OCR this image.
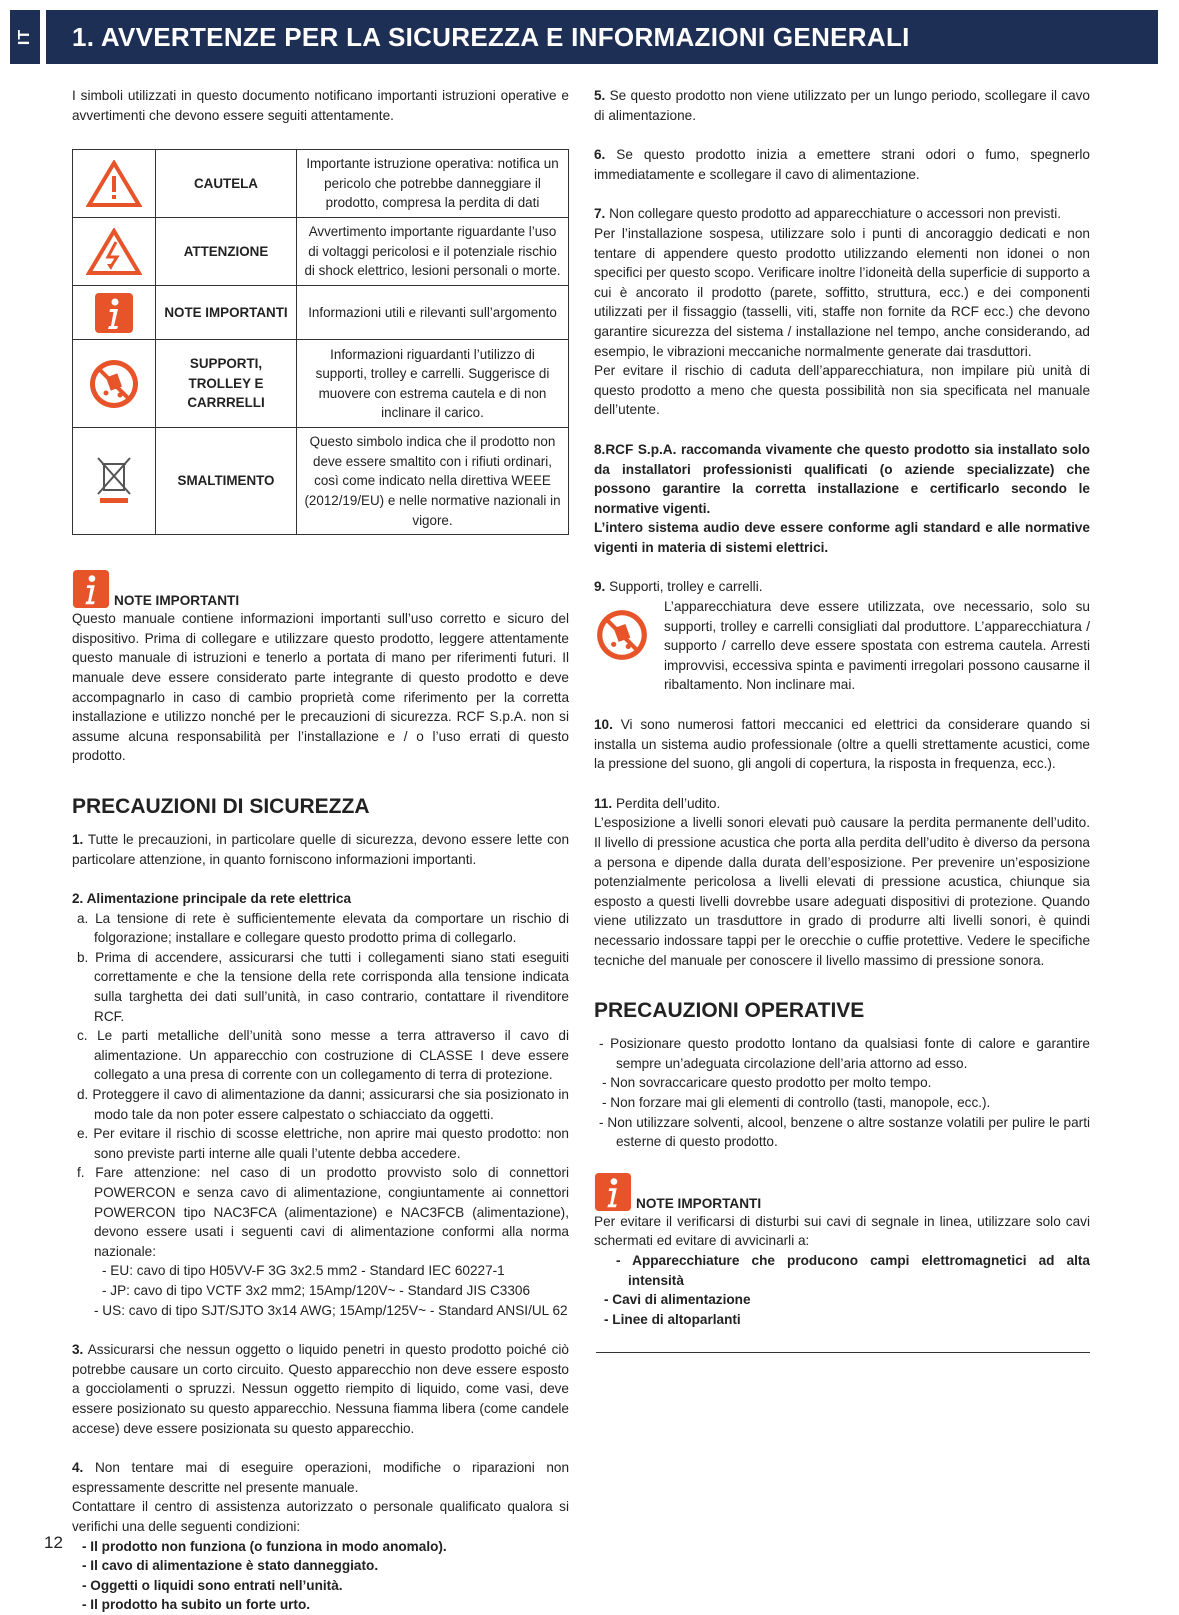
IT 1. AVVERTENZE PER LA SICUREZZA E INFORMAZIONI GENERALI

I simboli utilizzati in questo documento notificano importanti istruzioni operative e avvertimenti che devono essere seguiti attentamente.

	CAUTELA	Importante istruzione operativa: notifica un pericolo che potrebbe danneggiare il prodotto, compresa la perdita di dati
	ATTENZIONE	Avvertimento importante riguardante l’uso di voltaggi pericolosi e il potenziale rischio di shock elettrico, lesioni personali o morte.
	NOTE IMPORTANTI	Informazioni utili e rilevanti sull’argomento
	SUPPORTI, TROLLEY E CARRRELLI	Informazioni riguardanti l’utilizzo di supporti, trolley e carrelli. Suggerisce di muovere con estrema cautela e di non inclinare il carico.
	SMALTIMENTO	Questo simbolo indica che il prodotto non deve essere smaltito con i rifiuti ordinari, così come indicato nella direttiva WEEE (2012/19/EU) e nelle normative nazionali in vigore.
NOTE IMPORTANTI

Questo manuale contiene informazioni importanti sull’uso corretto e sicuro del dispositivo. Prima di collegare e utilizzare questo prodotto, leggere attentamente questo manuale di istruzioni e tenerlo a portata di mano per riferimenti futuri. Il manuale deve essere considerato parte integrante di questo prodotto e deve accompagnarlo in caso di cambio proprietà come riferimento per la corretta installazione e utilizzo nonché per le precauzioni di sicurezza. RCF S.p.A. non si assume alcuna responsabilità per l’installazione e / o l’uso errati di questo prodotto.

PRECAUZIONI DI SICUREZZA

1. Tutte le precauzioni, in particolare quelle di sicurezza, devono essere lette con particolare attenzione, in quanto forniscono informazioni importanti.

2. Alimentazione principale da rete elettrica

a. La tensione di rete è sufficientemente elevata da comportare un rischio di folgorazione; installare e collegare questo prodotto prima di collegarlo.

b. Prima di accendere, assicurarsi che tutti i collegamenti siano stati eseguiti correttamente e che la tensione della rete corrisponda alla tensione indicata sulla targhetta dei dati sull’unità, in caso contrario, contattare il rivenditore RCF.

c. Le parti metalliche dell’unità sono messe a terra attraverso il cavo di alimentazione. Un apparecchio con costruzione di CLASSE I deve essere collegato a una presa di corrente con un collegamento di terra di protezione.

d. Proteggere il cavo di alimentazione da danni; assicurarsi che sia posizionato in modo tale da non poter essere calpestato o schiacciato da oggetti.

e. Per evitare il rischio di scosse elettriche, non aprire mai questo prodotto: non sono previste parti interne alle quali l’utente debba accedere.

f. Fare attenzione: nel caso di un prodotto provvisto solo di connettori POWERCON e senza cavo di alimentazione, congiuntamente ai connettori POWERCON tipo NAC3FCA (alimentazione) e NAC3FCB (alimentazione), devono essere usati i seguenti cavi di alimentazione conformi alla norma nazionale:

- EU: cavo di tipo H05VV-F 3G 3x2.5 mm2 - Standard IEC 60227-1

- JP: cavo di tipo VCTF 3x2 mm2; 15Amp/120V~ - Standard JIS C3306

- US: cavo di tipo SJT/SJTO 3x14 AWG; 15Amp/125V~ - Standard ANSI/UL 62

3. Assicurarsi che nessun oggetto o liquido penetri in questo prodotto poiché ciò potrebbe causare un corto circuito. Questo apparecchio non deve essere esposto a gocciolamenti o spruzzi. Nessun oggetto riempito di liquido, come vasi, deve essere posizionato su questo apparecchio. Nessuna fiamma libera (come candele accese) deve essere posizionata su questo apparecchio.

4. Non tentare mai di eseguire operazioni, modifiche o riparazioni non espressamente descritte nel presente manuale.

Contattare il centro di assistenza autorizzato o personale qualificato qualora si verifichi una delle seguenti condizioni:

- Il prodotto non funziona (o funziona in modo anomalo).

- Il cavo di alimentazione è stato danneggiato.

- Oggetti o liquidi sono entrati nell’unità.

- Il prodotto ha subito un forte urto.

5. Se questo prodotto non viene utilizzato per un lungo periodo, scollegare il cavo di alimentazione.

6. Se questo prodotto inizia a emettere strani odori o fumo, spegnerlo immediatamente e scollegare il cavo di alimentazione.

7. Non collegare questo prodotto ad apparecchiature o accessori non previsti.

Per l’installazione sospesa, utilizzare solo i punti di ancoraggio dedicati e non tentare di appendere questo prodotto utilizzando elementi non idonei o non specifici per questo scopo. Verificare inoltre l’idoneità della superficie di supporto a cui è ancorato il prodotto (parete, soffitto, struttura, ecc.) e dei componenti utilizzati per il fissaggio (tasselli, viti, staffe non fornite da RCF ecc.) che devono garantire sicurezza del sistema / installazione nel tempo, anche considerando, ad esempio, le vibrazioni meccaniche normalmente generate dai trasduttori.

Per evitare il rischio di caduta dell’apparecchiatura, non impilare più unità di questo prodotto a meno che questa possibilità non sia specificata nel manuale dell’utente.

8.RCF S.p.A. raccomanda vivamente che questo prodotto sia installato solo da installatori professionisti qualificati (o aziende specializzate) che possono garantire la corretta installazione e certificarlo secondo le normative vigenti.

L’intero sistema audio deve essere conforme agli standard e alle normative vigenti in materia di sistemi elettrici.

9. Supporti, trolley e carrelli.

L’apparecchiatura deve essere utilizzata, ove necessario, solo su supporti, trolley e carrelli consigliati dal produttore. L’apparecchiatura / supporto / carrello deve essere spostata con estrema cautela. Arresti improvvisi, eccessiva spinta e pavimenti irregolari possono causarne il ribaltamento. Non inclinare mai.

10. Vi sono numerosi fattori meccanici ed elettrici da considerare quando si installa un sistema audio professionale (oltre a quelli strettamente acustici, come la pressione del suono, gli angoli di copertura, la risposta in frequenza, ecc.).

11. Perdita dell’udito.

L’esposizione a livelli sonori elevati può causare la perdita permanente dell’udito. Il livello di pressione acustica che porta alla perdita dell’udito è diverso da persona a persona e dipende dalla durata dell’esposizione. Per prevenire un’esposizione potenzialmente pericolosa a livelli elevati di pressione acustica, chiunque sia esposto a questi livelli dovrebbe usare adeguati dispositivi di protezione. Quando viene utilizzato un trasduttore in grado di produrre alti livelli sonori, è quindi necessario indossare tappi per le orecchie o cuffie protettive. Vedere le specifiche tecniche del manuale per conoscere il livello massimo di pressione sonora.

PRECAUZIONI OPERATIVE

- Posizionare questo prodotto lontano da qualsiasi fonte di calore e garantire sempre un’adeguata circolazione dell’aria attorno ad esso.

- Non sovraccaricare questo prodotto per molto tempo.

- Non forzare mai gli elementi di controllo (tasti, manopole, ecc.).

- Non utilizzare solventi, alcool, benzene o altre sostanze volatili per pulire le parti esterne di questo prodotto.

NOTE IMPORTANTI

Per evitare il verificarsi di disturbi sui cavi di segnale in linea, utilizzare solo cavi schermati ed evitare di avvicinarli a:

- Apparecchiature che producono campi elettromagnetici ad alta intensità

- Cavi di alimentazione

- Linee di altoparlanti

12
